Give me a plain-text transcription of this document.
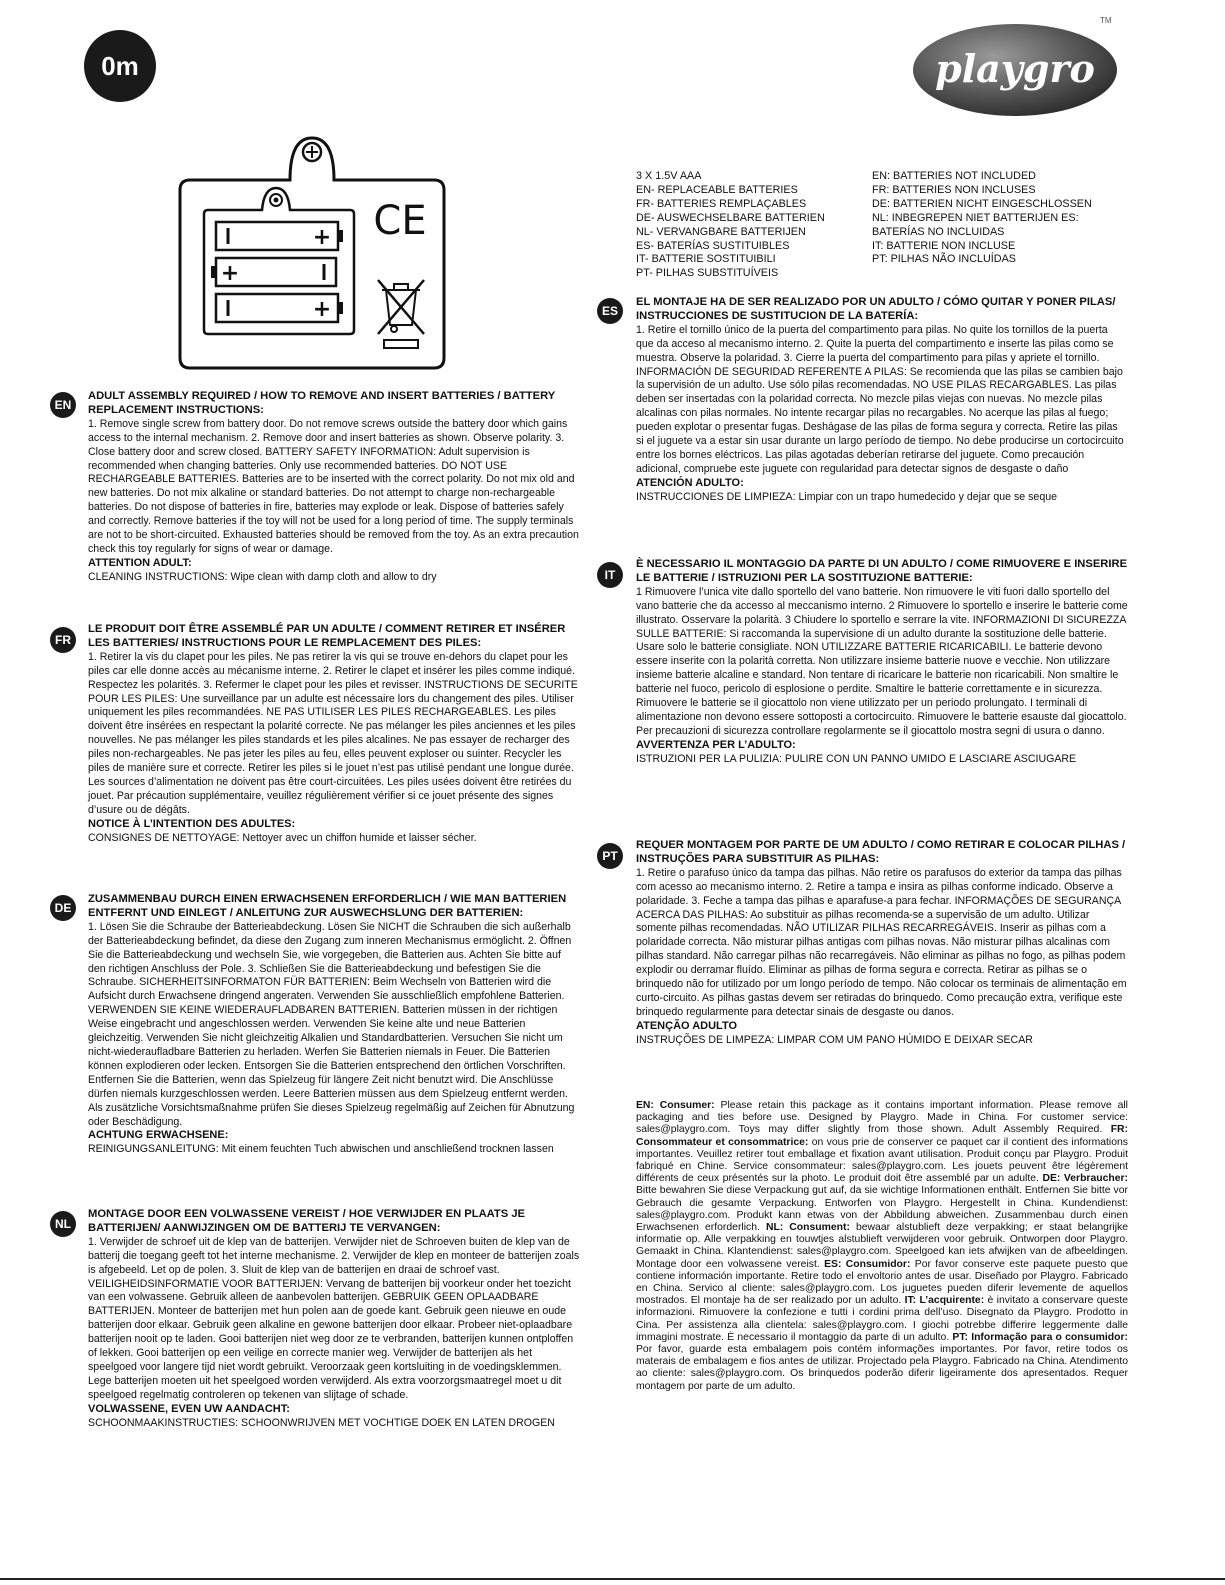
0m	playgro
TM
+
+
+
CE
3 X 1.5V AAA
EN- REPLACEABLE BATTERIES
FR- BATTERIES REMPLAÇABLES
DE- AUSWECHSELBARE BATTERIEN
NL- VERVANGBARE BATTERIJEN
ES- BATERÍAS SUSTITUIBLES
IT- BATTERIE SOSTITUIBILI
PT- PILHAS SUBSTITUÍVEIS
EN: BATTERIES NOT INCLUDED
FR: BATTERIES NON INCLUSES
DE: BATTERIEN NICHT EINGESCHLOSSEN
NL: INBEGREPEN NIET BATTERIJEN ES:
BATERÍAS NO INCLUIDAS
IT: BATTERIE NON INCLUSE
PT: PILHAS NÃO INCLUÍDAS
EN

ADULT ASSEMBLY REQUIRED / HOW TO REMOVE AND INSERT BATTERIES / BATTERY REPLACEMENT INSTRUCTIONS:

1. Remove single screw from battery door. Do not remove screws outside the battery door which gains access to the internal mechanism. 2. Remove door and insert batteries as shown. Observe polarity. 3. Close battery door and screw closed. BATTERY SAFETY INFORMATION: Adult supervision is recommended when changing batteries. Only use recommended batteries. DO NOT USE RECHARGEABLE BATTERIES. Batteries are to be inserted with the correct polarity. Do not mix old and new batteries. Do not mix alkaline or standard batteries. Do not attempt to charge non-rechargeable batteries. Do not dispose of batteries in fire, batteries may explode or leak. Dispose of batteries safely and correctly. Remove batteries if the toy will not be used for a long period of time. The supply terminals are not to be short-circuited. Exhausted batteries should be removed from the toy. As an extra precaution check this toy regularly for signs of wear or damage.

ATTENTION ADULT:

CLEANING INSTRUCTIONS: Wipe clean with damp cloth and allow to dry

FR

LE PRODUIT DOIT ÊTRE ASSEMBLÉ PAR UN ADULTE / COMMENT RETIRER ET INSÉRER LES BATTERIES/ INSTRUCTIONS POUR LE REMPLACEMENT DES PILES:

1. Retirer la vis du clapet pour les piles. Ne pas retirer la vis qui se trouve en-dehors du clapet pour les piles car elle donne accès au mécanisme interne. 2. Retirer le clapet et insérer les piles comme indiqué. Respectez les polarités. 3. Refermer le clapet pour les piles et revisser. INSTRUCTIONS DE SECURITE POUR LES PILES: Une surveillance par un adulte est nécessaire lors du changement des piles. Utiliser uniquement les piles recommandées. NE PAS UTILISER LES PILES RECHARGEABLES. Les piles doivent être insérées en respectant la polarité correcte. Ne pas mélanger les piles anciennes et les piles nouvelles. Ne pas mélanger les piles standards et les piles alcalines. Ne pas essayer de recharger des piles non-rechargeables. Ne pas jeter les piles au feu, elles peuvent exploser ou suinter. Recycler les piles de manière sure et correcte. Retirer les piles si le jouet n’est pas utilisé pendant une longue durée. Les sources d’alimentation ne doivent pas être court-circuitées. Les piles usées doivent être retirées du jouet. Par précaution supplémentaire, veuillez régulièrement vérifier si ce jouet présente des signes d’usure ou de dégâts.

NOTICE À L’INTENTION DES ADULTES:

CONSIGNES DE NETTOYAGE: Nettoyer avec un chiffon humide et laisser sécher.

DE

ZUSAMMENBAU DURCH EINEN ERWACHSENEN ERFORDERLICH / WIE MAN BATTERIEN ENTFERNT UND EINLEGT / ANLEITUNG ZUR AUSWECHSLUNG DER BATTERIEN:

1. Lösen Sie die Schraube der Batterieabdeckung. Lösen Sie NICHT die Schrauben die sich außerhalb der Batterieabdeckung befindet, da diese den Zugang zum inneren Mechanismus ermöglicht. 2. Öffnen Sie die Batterieabdeckung und wechseln Sie, wie vorgegeben, die Batterien aus. Achten Sie bitte auf den richtigen Anschluss der Pole. 3. Schließen Sie die Batterieabdeckung und befestigen Sie die Schraube. SICHERHEITSINFORMATON FÜR BATTERIEN: Beim Wechseln von Batterien wird die Aufsicht durch Erwachsene dringend angeraten. Verwenden Sie ausschließlich empfohlene Batterien. VERWENDEN SIE KEINE WIEDERAUFLADBAREN BATTERIEN. Batterien müssen in der richtigen Weise eingebracht und angeschlossen werden. Verwenden Sie keine alte und neue Batterien gleichzeitig. Verwenden Sie nicht gleichzeitig Alkalien und Standardbatterien. Versuchen Sie nicht um nicht-wiederaufladbare Batterien zu herladen. Werfen Sie Batterien niemals in Feuer. Die Batterien können explodieren oder lecken. Entsorgen Sie die Batterien entsprechend den örtlichen Vorschriften. Entfernen Sie die Batterien, wenn das Spielzeug für längere Zeit nicht benutzt wird. Die Anschlüsse dürfen niemals kurzgeschlossen werden. Leere Batterien müssen aus dem Spielzeug entfernt werden. Als zusätzliche Vorsichtsmaßnahme prüfen Sie dieses Spielzeug regelmäßig auf Zeichen für Abnutzung oder Beschädigung.

ACHTUNG ERWACHSENE:

REINIGUNGSANLEITUNG: Mit einem feuchten Tuch abwischen und anschließend trocknen lassen

NL

MONTAGE DOOR EEN VOLWASSENE VEREIST / HOE VERWIJDER EN PLAATS JE BATTERIJEN/ AANWIJZINGEN OM DE BATTERIJ TE VERVANGEN:

1. Verwijder de schroef uit de klep van de batterijen. Verwijder niet de Schroeven buiten de klep van de batterij die toegang geeft tot het interne mechanisme. 2. Verwijder de klep en monteer de batterijen zoals is afgebeeld. Let op de polen. 3. Sluit de klep van de batterijen en draai de schroef vast. VEILIGHEIDSINFORMATIE VOOR BATTERIJEN: Vervang de batterijen bij voorkeur onder het toezicht van een volwassene. Gebruik alleen de aanbevolen batterijen. GEBRUIK GEEN OPLAADBARE BATTERIJEN. Monteer de batterijen met hun polen aan de goede kant. Gebruik geen nieuwe en oude batterijen door elkaar. Gebruik geen alkaline en gewone batterijen door elkaar. Probeer niet-oplaadbare batterijen nooit op te laden. Gooi batterijen niet weg door ze te verbranden, batterijen kunnen ontploffen of lekken. Gooi batterijen op een veilige en correcte manier weg. Verwijder de batterijen als het speelgoed voor langere tijd niet wordt gebruikt. Veroorzaak geen kortsluiting in de voedingsklemmen. Lege batterijen moeten uit het speelgoed worden verwijderd. Als extra voorzorgsmaatregel moet u dit speelgoed regelmatig controleren op tekenen van slijtage of schade.

VOLWASSENE, EVEN UW AANDACHT:

SCHOONMAAKINSTRUCTIES: SCHOONWRIJVEN MET VOCHTIGE DOEK EN LATEN DROGEN

ES

EL MONTAJE HA DE SER REALIZADO POR UN ADULTO / CÓMO QUITAR Y PONER PILAS/ INSTRUCCIONES DE SUSTITUCION DE LA BATERÍA:

1. Retire el tornillo único de la puerta del compartimento para pilas. No quite los tornillos de la puerta que da acceso al mecanismo interno. 2. Quite la puerta del compartimento e inserte las pilas como se muestra. Observe la polaridad. 3. Cierre la puerta del compartimento para pilas y apriete el tornillo. INFORMACIÓN DE SEGURIDAD REFERENTE A PILAS: Se recomienda que las pilas se cambien bajo la supervisión de un adulto. Use sólo pilas recomendadas. NO USE PILAS RECARGABLES. Las pilas deben ser insertadas con la polaridad correcta. No mezcle pilas viejas con nuevas. No mezcle pilas alcalinas con pilas normales. No intente recargar pilas no recargables. No acerque las pilas al fuego; pueden explotar o presentar fugas. Deshágase de las pilas de forma segura y correcta. Retire las pilas si el juguete va a estar sin usar durante un largo período de tiempo. No debe producirse un cortocircuito entre los bornes eléctricos. Las pilas agotadas deberían retirarse del juguete. Como precaución adicional, compruebe este juguete con regularidad para detectar signos de desgaste o daño

ATENCIÓN ADULTO:

INSTRUCCIONES DE LIMPIEZA: Limpiar con un trapo humedecido y dejar que se seque

IT

È NECESSARIO IL MONTAGGIO DA PARTE DI UN ADULTO / COME RIMUOVERE E INSERIRE LE BATTERIE / ISTRUZIONI PER LA SOSTITUZIONE BATTERIE:

1 Rimuovere l’unica vite dallo sportello del vano batterie. Non rimuovere le viti fuori dallo sportello del vano batterie che da accesso al meccanismo interno. 2 Rimuovere lo sportello e inserire le batterie come illustrato. Osservare la polarità. 3 Chiudere lo sportello e serrare la vite. INFORMAZIONI DI SICUREZZA SULLE BATTERIE: Si raccomanda la supervisione di un adulto durante la sostituzione delle batterie. Usare solo le batterie consigliate. NON UTILIZZARE BATTERIE RICARICABILI. Le batterie devono essere inserite con la polarità corretta. Non utilizzare insieme batterie nuove e vecchie. Non utilizzare insieme batterie alcaline e standard. Non tentare di ricaricare le batterie non ricaricabili. Non smaltire le batterie nel fuoco, pericolo di esplosione o perdite. Smaltire le batterie correttamente e in sicurezza. Rimuovere le batterie se il giocattolo non viene utilizzato per un periodo prolungato. I terminali di alimentazione non devono essere sottoposti a cortocircuito. Rimuovere le batterie esauste dal giocattolo. Per precauzioni di sicurezza controllare regolarmente se il giocattolo mostra segni di usura o danno.

AVVERTENZA PER L’ADULTO:

ISTRUZIONI PER LA PULIZIA: PULIRE CON UN PANNO UMIDO E LASCIARE ASCIUGARE

PT

REQUER MONTAGEM POR PARTE DE UM ADULTO / COMO RETIRAR E COLOCAR PILHAS / INSTRUÇÕES PARA SUBSTITUIR AS PILHAS:

1. Retire o parafuso único da tampa das pilhas. Não retire os parafusos do exterior da tampa das pilhas com acesso ao mecanismo interno. 2. Retire a tampa e insira as pilhas conforme indicado. Observe a polaridade. 3. Feche a tampa das pilhas e aparafuse-a para fechar. INFORMAÇÕES DE SEGURANÇA ACERCA DAS PILHAS: Ao substituir as pilhas recomenda-se a supervisão de um adulto. Utilizar somente pilhas recomendadas. NÃO UTILIZAR PILHAS RECARREGÁVEIS. Inserir as pilhas com a polaridade correcta. Não misturar pilhas antigas com pilhas novas. Não misturar pilhas alcalinas com pilhas standard. Não carregar pilhas não recarregáveis. Não eliminar as pilhas no fogo, as pilhas podem explodir ou derramar fluído. Eliminar as pilhas de forma segura e correcta. Retirar as pilhas se o brinquedo não for utilizado por um longo período de tempo. Não colocar os terminais de alimentação em curto-circuito. As pilhas gastas devem ser retiradas do brinquedo. Como precaução extra, verifique este brinquedo regularmente para detectar sinais de desgaste ou danos.

ATENÇÃO ADULTO

INSTRUÇÕES DE LIMPEZA: LIMPAR COM UM PANO HÚMIDO E DEIXAR SECAR

EN: Consumer: Please retain this package as it contains important information. Please remove all packaging and ties before use. Designed by Playgro. Made in China. For customer service: sales@playgro.com. Toys may differ slightly from those shown. Adult Assembly Required. FR: Consommateur et consommatrice: on vous prie de conserver ce paquet car il contient des informations importantes. Veuillez retirer tout emballage et fixation avant utilisation. Produit conçu par Playgro. Produit fabriqué en Chine. Service consommateur: sales@playgro.com. Les jouets peuvent être légèrement différents de ceux présentés sur la photo. Le produit doit être assemblé par un adulte. DE: Verbraucher: Bitte bewahren Sie diese Verpackung gut auf, da sie wichtige Informationen enthält. Entfernen Sie bitte vor Gebrauch die gesamte Verpackung. Entworfen von Playgro. Hergestellt in China. Kundendienst: sales@playgro.com. Produkt kann etwas von der Abbildung abweichen. Zusammenbau durch einen Erwachsenen erforderlich. NL: Consument: bewaar alstublieft deze verpakking; er staat belangrijke informatie op. Alle verpakking en touwtjes alstublieft verwijderen voor gebruik. Ontworpen door Playgro. Gemaakt in China. Klantendienst: sales@playgro.com. Speelgoed kan iets afwijken van de afbeeldingen. Montage door een volwassene vereist. ES: Consumidor: Por favor conserve este paquete puesto que contiene información importante. Retire todo el envoltorio antes de usar. Diseñado por Playgro. Fabricado en China. Servico al cliente: sales@playgro.com. Los juguetes pueden diferir levemente de aquellos mostrados. El montaje ha de ser realizado por un adulto. IT: L’acquirente: è invitato a conservare queste informazioni. Rimuovere la confezione e tutti i cordini prima dell’uso. Disegnato da Playgro. Prodotto in Cina. Per assistenza alla clientela: sales@playgro.com. I giochi potrebbe differire leggermente dalle immagini mostrate. È necessario il montaggio da parte di un adulto. PT: Informação para o consumidor: Por favor, guarde esta embalagem pois contém informações importantes. Por favor, retire todos os materais de embalagem e fios antes de utilizar. Projectado pela Playgro. Fabricado na China. Atendimento ao cliente: sales@playgro.com. Os brinquedos poderão diferir ligeiramente dos apresentados. Requer montagem por parte de um adulto.
